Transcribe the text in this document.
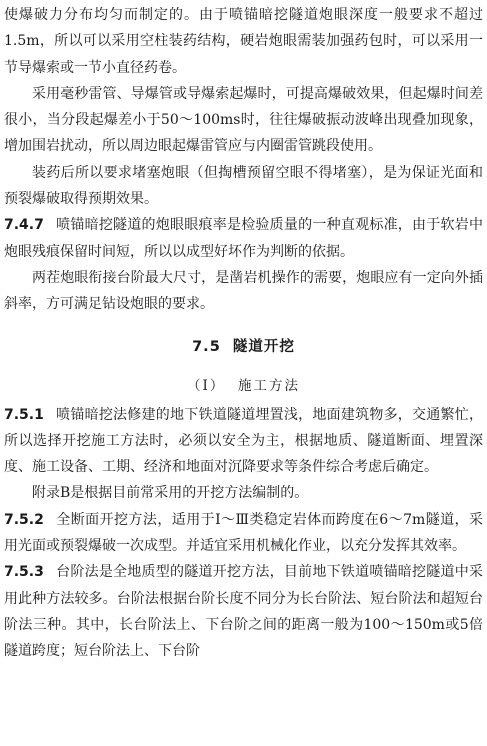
使爆破力分布均匀而制定的。由于喷锚暗挖隧道炮眼深度一般要求不超过1.5m，所以可以采用空柱装药结构，硬岩炮眼需装加强药包时，可以采用一节导爆索或一节小直径药卷。

采用毫秒雷管、导爆管或导爆索起爆时，可提高爆破效果，但起爆时间差很小，当分段起爆差小于50～100ms时，往往爆破振动波峰出现叠加现象，增加围岩扰动，所以周边眼起爆雷管应与内圈雷管跳段使用。

装药后所以要求堵塞炮眼（但掏槽预留空眼不得堵塞），是为保证光面和预裂爆破取得预期效果。

7.4.7 喷锚暗挖隧道的炮眼眼痕率是检验质量的一种直观标准，由于软岩中炮眼残痕保留时间短，所以以成型好坏作为判断的依据。

两茬炮眼衔接台阶最大尺寸，是凿岩机操作的需要，炮眼应有一定向外插斜率，方可满足钻设炮眼的要求。

7.5 隧道开挖
（Ⅰ） 施工方法

7.5.1 喷锚暗挖法修建的地下铁道隧道埋置浅，地面建筑物多，交通繁忙，所以选择开挖施工方法时，必须以安全为主，根据地质、隧道断面、埋置深度、施工设备、工期、经济和地面对沉降要求等条件综合考虑后确定。

附录B是根据目前常采用的开挖方法编制的。

7.5.2 全断面开挖方法，适用于Ⅰ～Ⅲ类稳定岩体而跨度在6～7m隧道，采用光面或预裂爆破一次成型。并适宜采用机械化作业，以充分发挥其效率。

7.5.3 台阶法是全地质型的隧道开挖方法，目前地下铁道喷锚暗挖隧道中采用此种方法较多。台阶法根据台阶长度不同分为长台阶法、短台阶法和超短台阶法三种。其中，长台阶法上、下台阶之间的距离一般为100～150m或5倍隧道跨度；短台阶法上、下台阶
